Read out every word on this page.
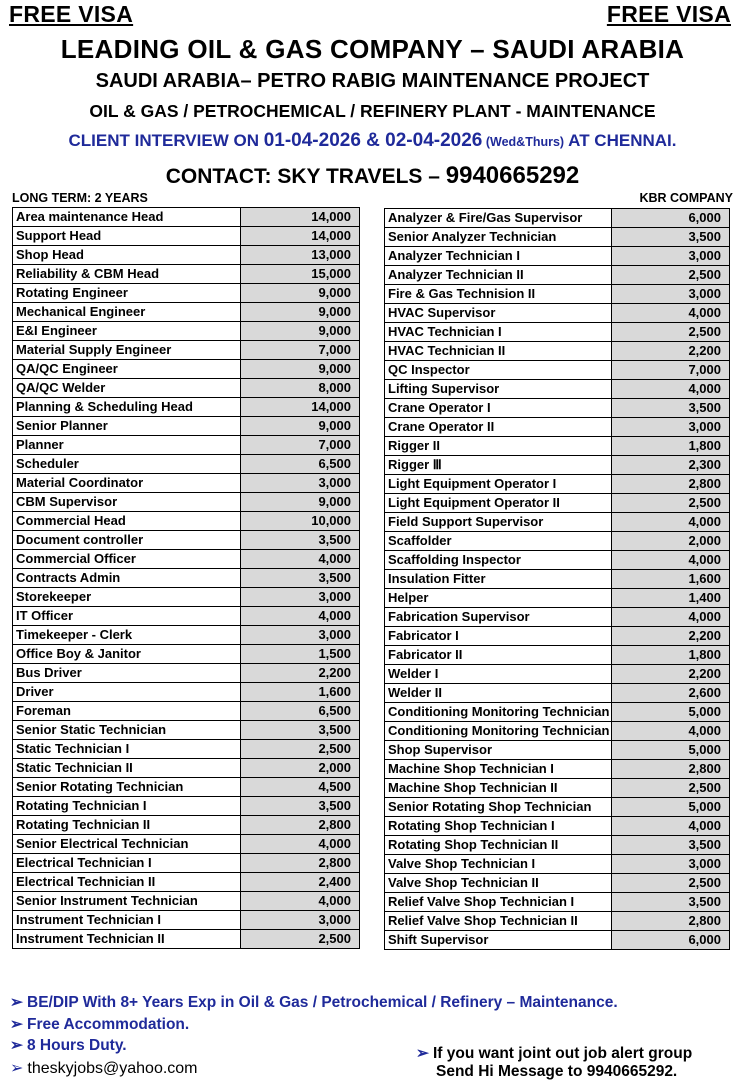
FREE VISA	FREE VISA
LEADING OIL & GAS COMPANY – SAUDI ARABIA
SAUDI ARABIA– PETRO RABIG MAINTENANCE PROJECT
OIL & GAS / PETROCHEMICAL / REFINERY PLANT - MAINTENANCE
CLIENT INTERVIEW ON 01-04-2026 & 02-04-2026 (Wed&Thurs) AT CHENNAI.
CONTACT: SKY TRAVELS – 9940665292
LONG TERM: 2 YEARS	KBR COMPANY
Area maintenance Head	14,000
Support Head	14,000
Shop Head	13,000
Reliability & CBM Head	15,000
Rotating Engineer	9,000
Mechanical Engineer	9,000
E&I Engineer	9,000
Material Supply Engineer	7,000
QA/QC Engineer	9,000
QA/QC Welder	8,000
Planning & Scheduling Head	14,000
Senior Planner	9,000
Planner	7,000
Scheduler	6,500
Material Coordinator	3,000
CBM Supervisor	9,000
Commercial Head	10,000
Document controller	3,500
Commercial Officer	4,000
Contracts Admin	3,500
Storekeeper	3,000
IT Officer	4,000
Timekeeper - Clerk	3,000
Office Boy & Janitor	1,500
Bus Driver	2,200
Driver	1,600
Foreman	6,500
Senior Static Technician	3,500
Static Technician I	2,500
Static Technician II	2,000
Senior Rotating Technician	4,500
Rotating Technician I	3,500
Rotating Technician II	2,800
Senior Electrical Technician	4,000
Electrical Technician I	2,800
Electrical Technician II	2,400
Senior Instrument Technician	4,000
Instrument Technician I	3,000
Instrument Technician II	2,500
Analyzer & Fire/Gas Supervisor	6,000
Senior Analyzer Technician	3,500
Analyzer Technician I	3,000
Analyzer Technician II	2,500
Fire & Gas Technision II	3,000
HVAC Supervisor	4,000
HVAC Technician I	2,500
HVAC Technician II	2,200
QC Inspector	7,000
Lifting Supervisor	4,000
Crane Operator I	3,500
Crane Operator II	3,000
Rigger II	1,800
Rigger Ⅲ	2,300
Light Equipment Operator I	2,800
Light Equipment Operator II	2,500
Field Support Supervisor	4,000
Scaffolder	2,000
Scaffolding Inspector	4,000
Insulation Fitter	1,600
Helper	1,400
Fabrication Supervisor	4,000
Fabricator I	2,200
Fabricator II	1,800
Welder I	2,200
Welder II	2,600
Conditioning Monitoring Technician	5,000
Conditioning Monitoring Technician	4,000
Shop Supervisor	5,000
Machine Shop Technician I	2,800
Machine Shop Technician II	2,500
Senior Rotating Shop Technician	5,000
Rotating Shop Technician I	4,000
Rotating Shop Technician II	3,500
Valve Shop Technician I	3,000
Valve Shop Technician II	2,500
Relief Valve Shop Technician I	3,500
Relief Valve Shop Technician II	2,800
Shift Supervisor	6,000
➢ BE/DIP With 8+ Years Exp in Oil & Gas / Petrochemical / Refinery – Maintenance.
➢ Free Accommodation.
➢ 8 Hours Duty.
➢ theskyjobs@yahoo.com
➢ If you want joint out job alert group
Send Hi Message to 9940665292.
